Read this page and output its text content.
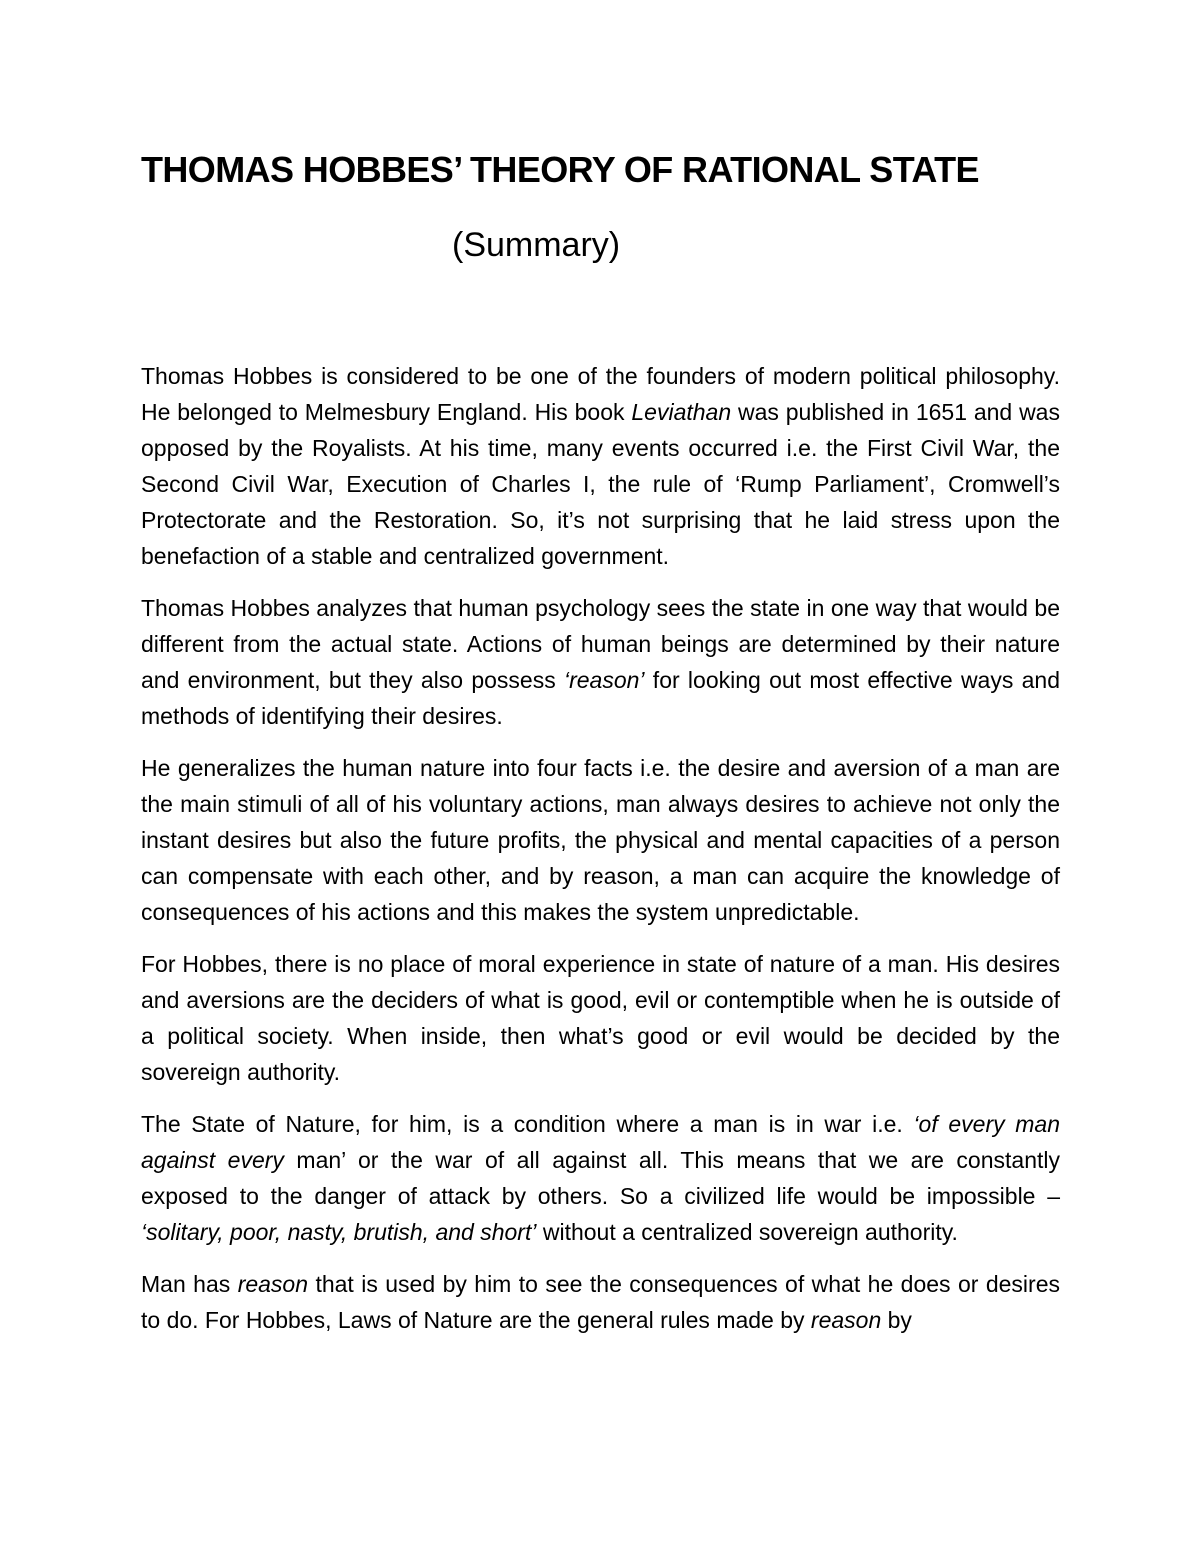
THOMAS HOBBES’ THEORY OF RATIONAL STATE
(Summary)

Thomas Hobbes is considered to be one of the founders of modern political philosophy. He belonged to Melmesbury England. His book Leviathan was published in 1651 and was opposed by the Royalists. At his time, many events occurred i.e. the First Civil War, the Second Civil War, Execution of Charles I, the rule of ‘Rump Parliament’, Cromwell’s Protectorate and the Restoration. So, it’s not surprising that he laid stress upon the benefaction of a stable and centralized government.

Thomas Hobbes analyzes that human psychology sees the state in one way that would be different from the actual state. Actions of human beings are determined by their nature and environment, but they also possess ‘reason’ for looking out most effective ways and methods of identifying their desires.

He generalizes the human nature into four facts i.e. the desire and aversion of a man are the main stimuli of all of his voluntary actions, man always desires to achieve not only the instant desires but also the future profits, the physical and mental capacities of a person can compensate with each other, and by reason, a man can acquire the knowledge of consequences of his actions and this makes the system unpredictable.

For Hobbes, there is no place of moral experience in state of nature of a man. His desires and aversions are the deciders of what is good, evil or contemptible when he is outside of a political society. When inside, then what’s good or evil would be decided by the sovereign authority.

The State of Nature, for him, is a condition where a man is in war i.e. ‘of every man against every man’ or the war of all against all. This means that we are constantly exposed to the danger of attack by others. So a civilized life would be impossible – ‘solitary, poor, nasty, brutish, and short’ without a centralized sovereign authority.

Man has reason that is used by him to see the consequences of what he does or desires to do. For Hobbes, Laws of Nature are the general rules made by reason by
